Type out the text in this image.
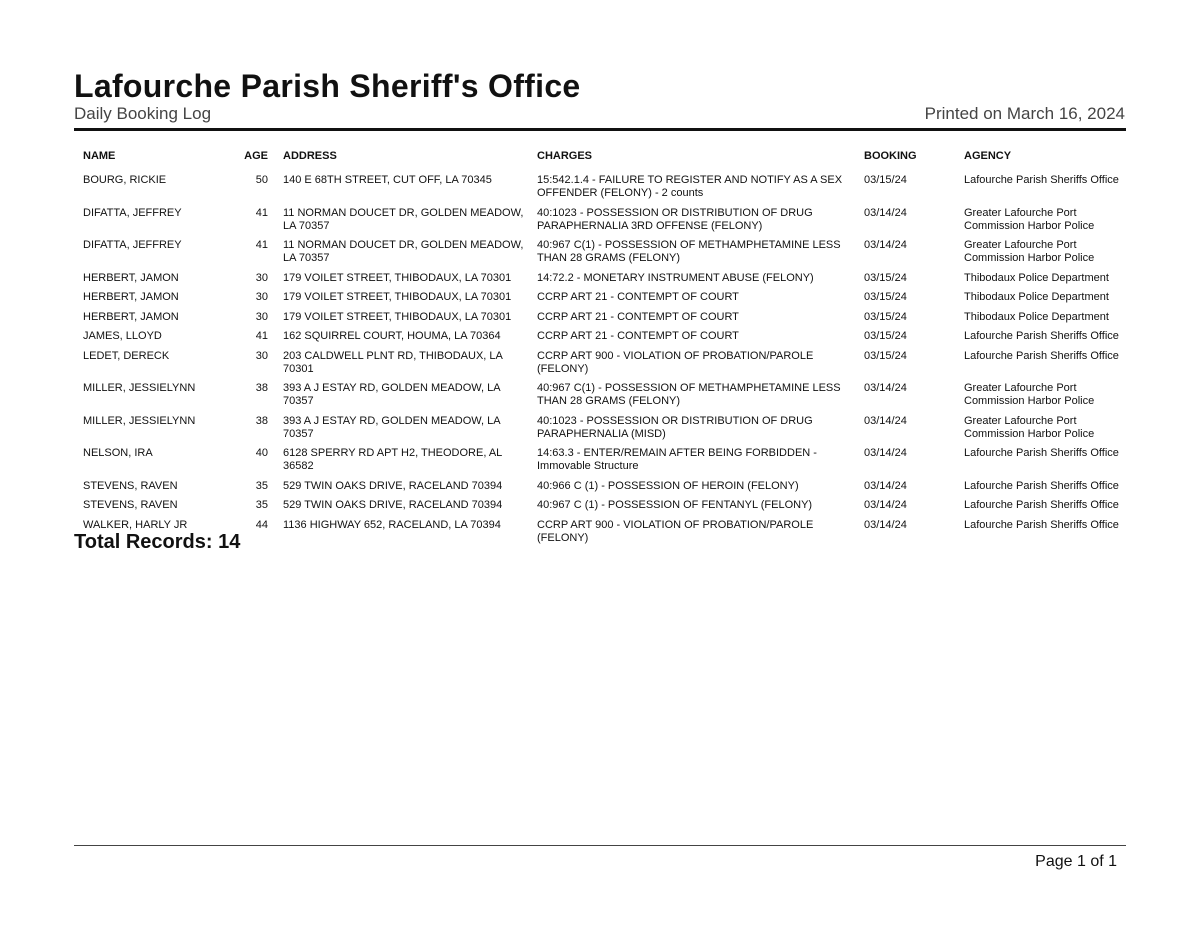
Lafourche Parish Sheriff's Office
Daily Booking Log	Printed on March 16, 2024
NAME	AGE	ADDRESS	CHARGES	BOOKING	AGENCY
BOURG, RICKIE	50	140 E 68TH STREET, CUT OFF, LA 70345	15:542.1.4 - FAILURE TO REGISTER AND NOTIFY AS A SEX OFFENDER (FELONY) - 2 counts	03/15/24	Lafourche Parish Sheriffs Office
DIFATTA, JEFFREY	41	11 NORMAN DOUCET DR, GOLDEN MEADOW, LA 70357	40:1023 - POSSESSION OR DISTRIBUTION OF DRUG PARAPHERNALIA 3RD OFFENSE (FELONY)	03/14/24	Greater Lafourche Port Commission Harbor Police
DIFATTA, JEFFREY	41	11 NORMAN DOUCET DR, GOLDEN MEADOW, LA 70357	40:967 C(1) - POSSESSION OF METHAMPHETAMINE LESS THAN 28 GRAMS (FELONY)	03/14/24	Greater Lafourche Port Commission Harbor Police
HERBERT, JAMON	30	179 VOILET STREET, THIBODAUX, LA 70301	14:72.2 - MONETARY INSTRUMENT ABUSE (FELONY)	03/15/24	Thibodaux Police Department
HERBERT, JAMON	30	179 VOILET STREET, THIBODAUX, LA 70301	CCRP ART 21 - CONTEMPT OF COURT	03/15/24	Thibodaux Police Department
HERBERT, JAMON	30	179 VOILET STREET, THIBODAUX, LA 70301	CCRP ART 21 - CONTEMPT OF COURT	03/15/24	Thibodaux Police Department
JAMES, LLOYD	41	162 SQUIRREL COURT, HOUMA, LA 70364	CCRP ART 21 - CONTEMPT OF COURT	03/15/24	Lafourche Parish Sheriffs Office
LEDET, DERECK	30	203 CALDWELL PLNT RD, THIBODAUX, LA 70301	CCRP ART 900 - VIOLATION OF PROBATION/PAROLE (FELONY)	03/15/24	Lafourche Parish Sheriffs Office
MILLER, JESSIELYNN	38	393 A J ESTAY RD, GOLDEN MEADOW, LA 70357	40:967 C(1) - POSSESSION OF METHAMPHETAMINE LESS THAN 28 GRAMS (FELONY)	03/14/24	Greater Lafourche Port Commission Harbor Police
MILLER, JESSIELYNN	38	393 A J ESTAY RD, GOLDEN MEADOW, LA 70357	40:1023 - POSSESSION OR DISTRIBUTION OF DRUG PARAPHERNALIA (MISD)	03/14/24	Greater Lafourche Port Commission Harbor Police
NELSON, IRA	40	6128 SPERRY RD APT H2, THEODORE, AL 36582	14:63.3 - ENTER/REMAIN AFTER BEING FORBIDDEN - Immovable Structure	03/14/24	Lafourche Parish Sheriffs Office
STEVENS, RAVEN	35	529 TWIN OAKS DRIVE, RACELAND 70394	40:966 C (1) - POSSESSION OF HEROIN (FELONY)	03/14/24	Lafourche Parish Sheriffs Office
STEVENS, RAVEN	35	529 TWIN OAKS DRIVE, RACELAND 70394	40:967 C (1) - POSSESSION OF FENTANYL (FELONY)	03/14/24	Lafourche Parish Sheriffs Office
WALKER, HARLY JR	44	1136 HIGHWAY 652, RACELAND, LA 70394	CCRP ART 900 - VIOLATION OF PROBATION/PAROLE (FELONY)	03/14/24	Lafourche Parish Sheriffs Office
Total Records: 14
Page 1 of 1
